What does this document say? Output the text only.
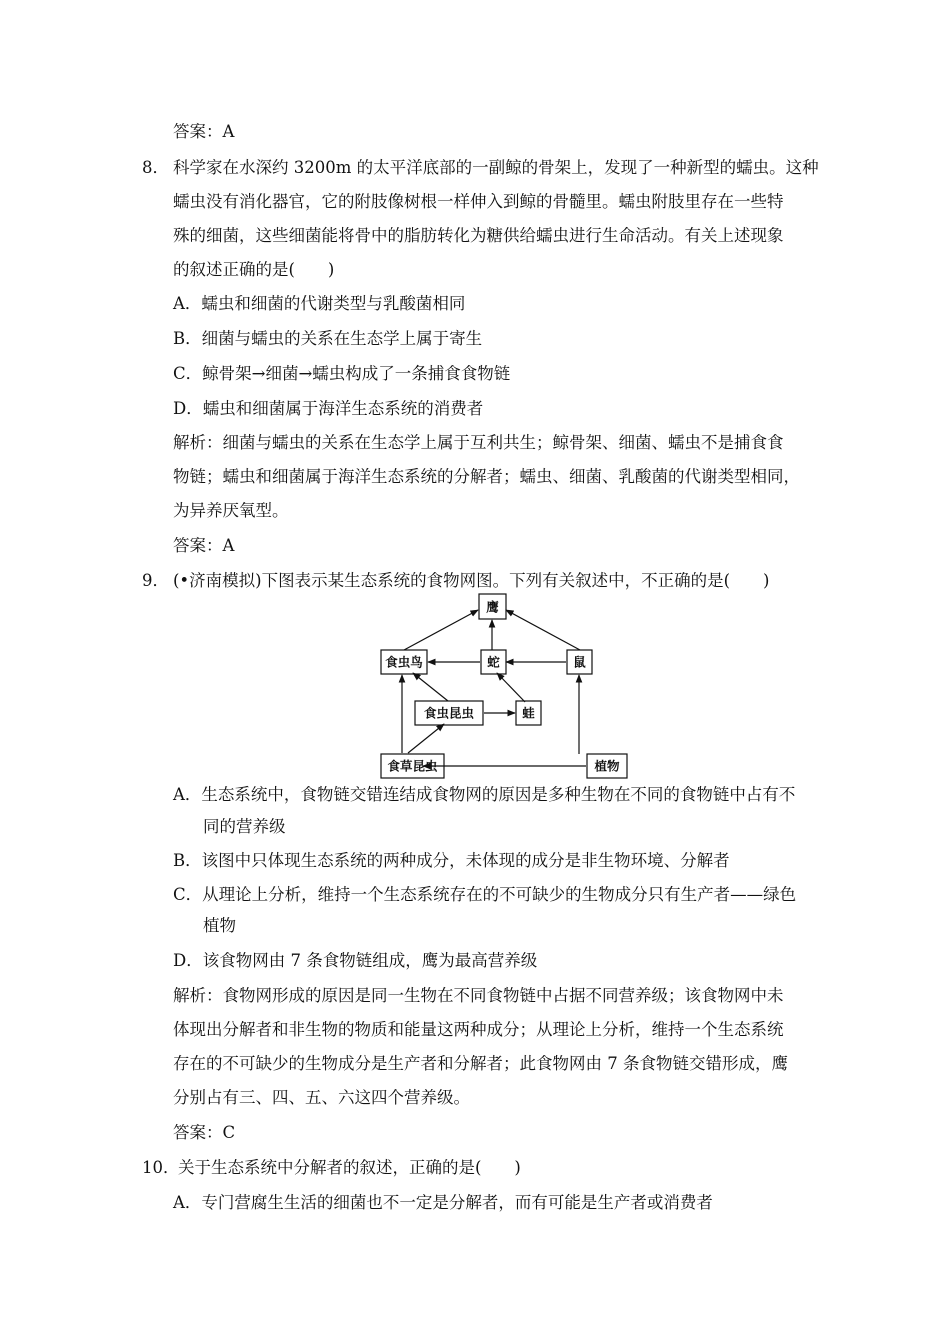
答案：A
8． 科学家在水深约 3200m 的太平洋底部的一副鲸的骨架上，发现了一种新型的蠕虫。这种
蠕虫没有消化器官，它的附肢像树根一样伸入到鲸的骨髓里。蠕虫附肢里存在一些特
殊的细菌，这些细菌能将骨中的脂肪转化为糖供给蠕虫进行生命活动。有关上述现象
的叙述正确的是(　　)
A．蠕虫和细菌的代谢类型与乳酸菌相同
B．细菌与蠕虫的关系在生态学上属于寄生
C．鲸骨架→细菌→蠕虫构成了一条捕食食物链
D．蠕虫和细菌属于海洋生态系统的消费者
解析：细菌与蠕虫的关系在生态学上属于互利共生；鲸骨架、细菌、蠕虫不是捕食食
物链；蠕虫和细菌属于海洋生态系统的分解者；蠕虫、细菌、乳酸菌的代谢类型相同，
为异养厌氧型。
答案：A
9． (•济南模拟)下图表示某生态系统的食物网图。下列有关叙述中，不正确的是(　　)
鹰
食虫鸟	蛇	鼠
食虫昆虫	蛙
食草昆虫	植物
A．生态系统中，食物链交错连结成食物网的原因是多种生物在不同的食物链中占有不
同的营养级
B．该图中只体现生态系统的两种成分，未体现的成分是非生物环境、分解者
C．从理论上分析，维持一个生态系统存在的不可缺少的生物成分只有生产者——绿色
植物
D．该食物网由 7 条食物链组成，鹰为最高营养级
解析：食物网形成的原因是同一生物在不同食物链中占据不同营养级；该食物网中未
体现出分解者和非生物的物质和能量这两种成分；从理论上分析，维持一个生态系统
存在的不可缺少的生物成分是生产者和分解者；此食物网由 7 条食物链交错形成，鹰
分别占有三、四、五、六这四个营养级。
答案：C
10．
关于生态系统中分解者的叙述，正确的是(　　)
A．专门营腐生生活的细菌也不一定是分解者，而有可能是生产者或消费者
